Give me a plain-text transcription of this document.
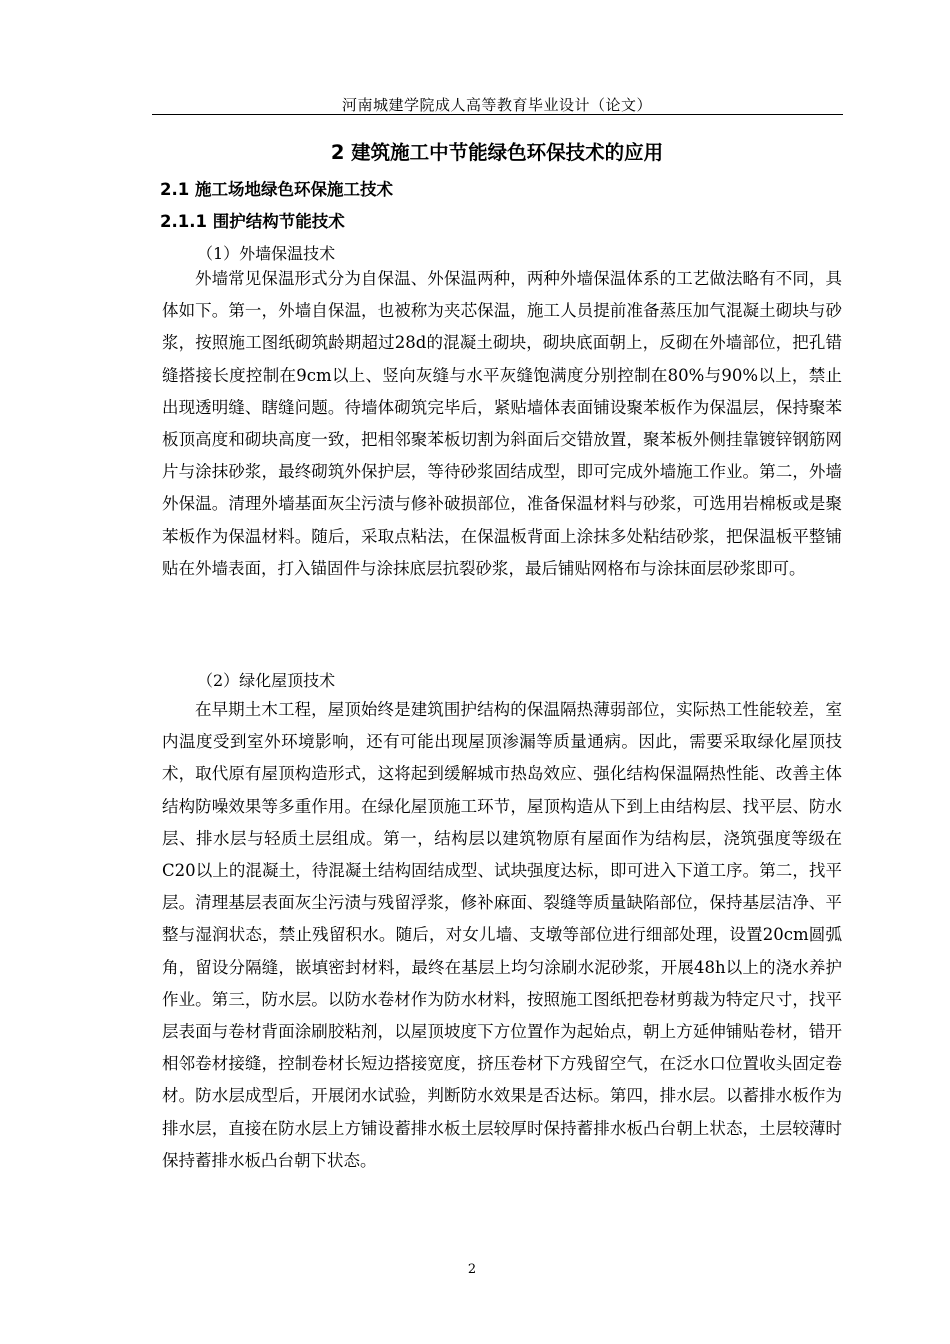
河南城建学院成人高等教育毕业设计（论文）
2 建筑施工中节能绿色环保技术的应用
2.1 施工场地绿色环保施工技术
2.1.1 围护结构节能技术
（1）外墙保温技术

外墙常见保温形式分为自保温、外保温两种，两种外墙保温体系的工艺做法略有不同，具体如下。第一，外墙自保温，也被称为夹芯保温，施工人员提前准备蒸压加气混凝土砌块与砂浆，按照施工图纸砌筑龄期超过28d的混凝土砌块，砌块底面朝上，反砌在外墙部位，把孔错缝搭接长度控制在9cm以上、竖向灰缝与水平灰缝饱满度分别控制在80%与90%以上，禁止出现透明缝、瞎缝问题。待墙体砌筑完毕后，紧贴墙体表面铺设聚苯板作为保温层，保持聚苯板顶高度和砌块高度一致，把相邻聚苯板切割为斜面后交错放置，聚苯板外侧挂靠镀锌钢筋网片与涂抹砂浆，最终砌筑外保护层，等待砂浆固结成型，即可完成外墙施工作业。第二，外墙外保温。清理外墙基面灰尘污渍与修补破损部位，准备保温材料与砂浆，可选用岩棉板或是聚苯板作为保温材料。随后，采取点粘法，在保温板背面上涂抹多处粘结砂浆，把保温板平整铺贴在外墙表面，打入锚固件与涂抹底层抗裂砂浆，最后铺贴网格布与涂抹面层砂浆即可。

（2）绿化屋顶技术

在早期土木工程，屋顶始终是建筑围护结构的保温隔热薄弱部位，实际热工性能较差，室内温度受到室外环境影响，还有可能出现屋顶渗漏等质量通病。因此，需要采取绿化屋顶技术，取代原有屋顶构造形式，这将起到缓解城市热岛效应、强化结构保温隔热性能、改善主体结构防噪效果等多重作用。在绿化屋顶施工环节，屋顶构造从下到上由结构层、找平层、防水层、排水层与轻质土层组成。第一，结构层以建筑物原有屋面作为结构层，浇筑强度等级在C20以上的混凝土，待混凝土结构固结成型、试块强度达标，即可进入下道工序。第二，找平层。清理基层表面灰尘污渍与残留浮浆，修补麻面、裂缝等质量缺陷部位，保持基层洁净、平整与湿润状态，禁止残留积水。随后，对女儿墙、支墩等部位进行细部处理，设置20cm圆弧角，留设分隔缝，嵌填密封材料，最终在基层上均匀涂刷水泥砂浆，开展48h以上的浇水养护作业。第三，防水层。以防水卷材作为防水材料，按照施工图纸把卷材剪裁为特定尺寸，找平层表面与卷材背面涂刷胶粘剂，以屋顶坡度下方位置作为起始点，朝上方延伸铺贴卷材，错开相邻卷材接缝，控制卷材长短边搭接宽度，挤压卷材下方残留空气，在泛水口位置收头固定卷材。防水层成型后，开展闭水试验，判断防水效果是否达标。第四，排水层。以蓄排水板作为排水层，直接在防水层上方铺设蓄排水板土层较厚时保持蓄排水板凸台朝上状态，土层较薄时保持蓄排水板凸台朝下状态。

2
